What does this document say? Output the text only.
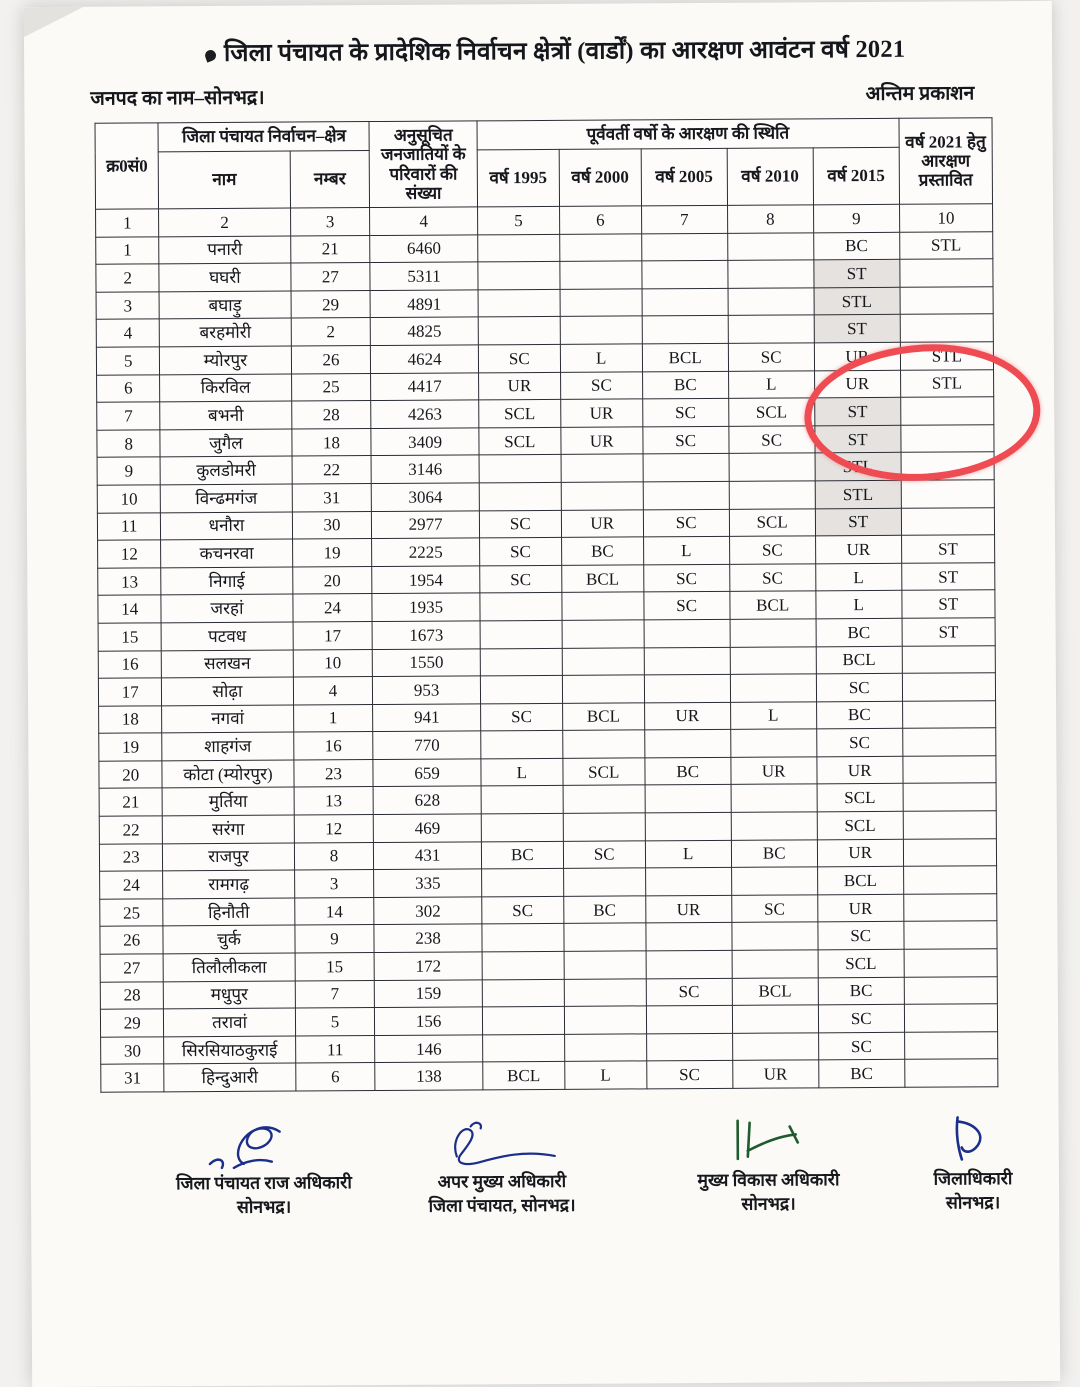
जिला पंचायत के प्रादेशिक निर्वाचन क्षेत्रों (वार्डों) का आरक्षण आवंटन वर्ष 2021
जनपद का नाम–सोनभद्र।	अन्तिम प्रकाशन
क्र0सं0	जिला पंचायत निर्वाचन–क्षेत्र		अनुसूचित जनजातियों के परिवारों की संख्या	पूर्ववर्ती वर्षो के आरक्षण की स्थिति					वर्ष 2021 हेतु आरक्षण प्रस्तावित
	नाम	नम्बर		वर्ष 1995	वर्ष 2000	वर्ष 2005	वर्ष 2010	वर्ष 2015	
1	2	3	4	5	6	7	8	9	10
1	पनारी	21	6460					BC	STL
2	घघरी	27	5311					ST	
3	बघाड़ु	29	4891					STL	
4	बरहमोरी	2	4825					ST	
5	म्योरपुर	26	4624	SC	L	BCL	SC	UR	STL
6	किरविल	25	4417	UR	SC	BC	L	UR	STL
7	बभनी	28	4263	SCL	UR	SC	SCL	ST	
8	जुगैल	18	3409	SCL	UR	SC	SC	ST	
9	कुलडोमरी	22	3146					STL	
10	विन्ढमगंज	31	3064					STL	
11	धनौरा	30	2977	SC	UR	SC	SCL	ST	
12	कचनरवा	19	2225	SC	BC	L	SC	UR	ST
13	निगाई	20	1954	SC	BCL	SC	SC	L	ST
14	जरहां	24	1935			SC	BCL	L	ST
15	पटवध	17	1673					BC	ST
16	सलखन	10	1550					BCL	
17	सोढ़ा	4	953					SC	
18	नगवां	1	941	SC	BCL	UR	L	BC	
19	शाहगंज	16	770					SC	
20	कोटा (म्योरपुर)	23	659	L	SCL	BC	UR	UR	
21	मुर्तिया	13	628					SCL	
22	सरंगा	12	469					SCL	
23	राजपुर	8	431	BC	SC	L	BC	UR	
24	रामगढ़	3	335					BCL	
25	हिनौती	14	302	SC	BC	UR	SC	UR	
26	चुर्क	9	238					SC	
27	तिलौलीकला	15	172					SCL	
28	मधुपुर	7	159			SC	BCL	BC	
29	तरावां	5	156					SC	
30	सिरसियाठकुराई	11	146					SC	
31	हिन्दुआरी	6	138	BCL	L	SC	UR	BC	
जिला पंचायत राज अधिकारी
सोनभद्र।
अपर मुख्य अधिकारी
जिला पंचायत, सोनभद्र।
मुख्य विकास अधिकारी
सोनभद्र।
जिलाधिकारी
सोनभद्र।
